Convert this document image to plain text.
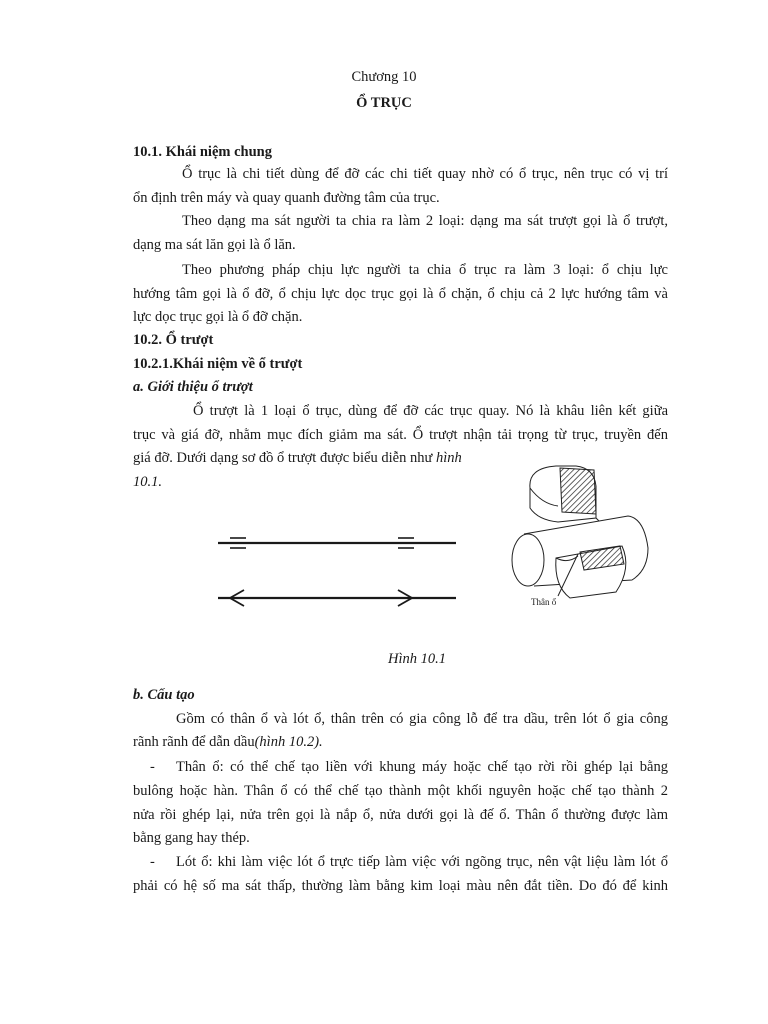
Chương 10
Ổ TRỤC
10.1. Khái niệm chung
Ổ trục là chi tiết dùng để đỡ các chi tiết quay nhờ có ổ trục, nên trục có vị trí
ổn định trên máy và quay quanh đường tâm của trục.
Theo dạng ma sát người ta chia ra làm 2 loại: dạng ma sát trượt gọi là ổ trượt,
dạng ma sát lăn gọi là ổ lăn.
Theo phương pháp chịu lực người ta chia ổ trục ra làm 3 loại: ổ chịu lực
hướng tâm gọi là ổ đỡ, ổ chịu lực dọc trục gọi là ổ chặn, ổ chịu cả 2 lực hướng tâm và
lực dọc trục gọi là ổ đỡ chặn.
10.2. Ổ trượt
10.2.1.Khái niệm về ổ trượt
a. Giới thiệu ổ trượt
Ổ trượt là 1 loại ổ trục, dùng để đỡ các trục quay. Nó là khâu liên kết giữa
trục và giá đỡ, nhằm mục đích giảm ma sát. Ổ trượt nhận tải trọng từ trục, truyền đến
giá đỡ. Dưới dạng sơ đồ ổ trượt được biểu diễn như hình
10.1.
Thân ổ
Hình 10.1
b. Cấu tạo
Gồm có thân ổ và lót ổ, thân trên có gia công lỗ để tra dầu, trên lót ổ gia công
rãnh rãnh để dẫn dầu(hình 10.2).
- Thân ổ: có thể chế tạo liền với khung máy hoặc chế tạo rời rồi ghép lại bằng
bulông hoặc hàn. Thân ổ có thể chế tạo thành một khối nguyên hoặc chế tạo thành 2
nửa rồi ghép lại, nửa trên gọi là nắp ổ, nửa dưới gọi là đế ổ. Thân ổ thường được làm
bằng gang hay thép.
- Lót ổ: khi làm việc lót ổ trực tiếp làm việc với ngõng trục, nên vật liệu làm lót ổ
phải có hệ số ma sát thấp, thường làm bằng kim loại màu nên đắt tiền. Do đó để kinh
